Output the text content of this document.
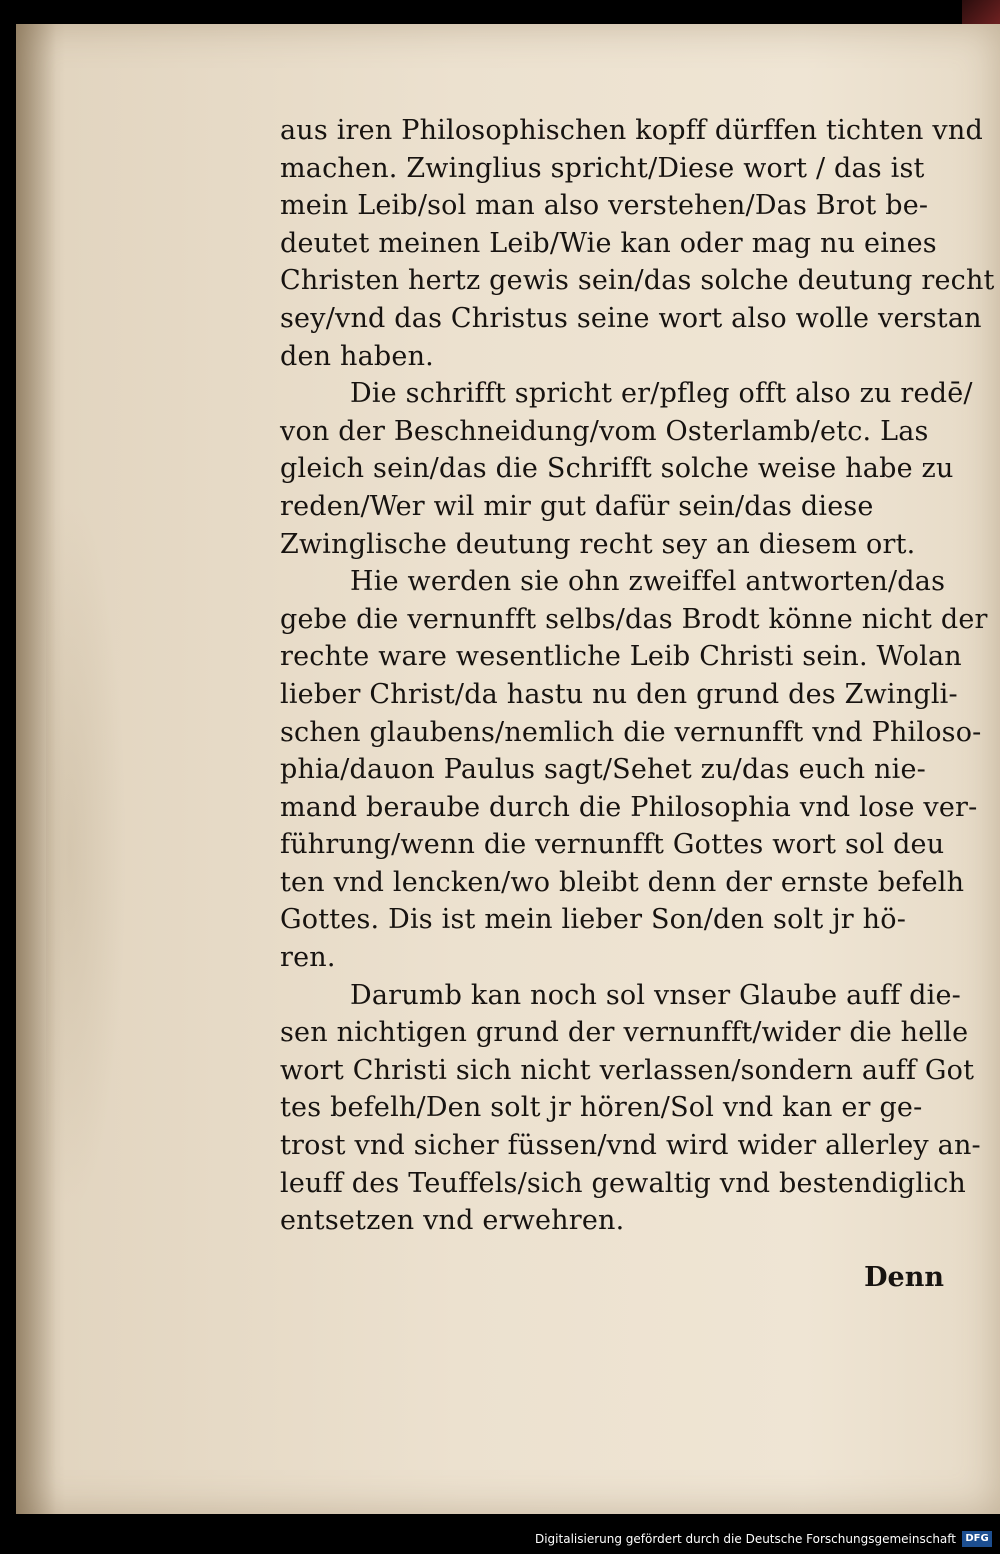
aus iren Philosophischen kopff dürffen tichten vnd
machen. Zwinglius spricht/Diese wort / das ist
mein Leib/sol man also verstehen/Das Brot be-
deutet meinen Leib/Wie kan oder mag nu eines
Christen hertz gewis sein/das solche deutung recht
sey/vnd das Christus seine wort also wolle verstan
den haben.
Die schrifft spricht er/pfleg offt also zu redē/
von der Beschneidung/vom Osterlamb/etc. Las
gleich sein/das die Schrifft solche weise habe zu
reden/Wer wil mir gut dafür sein/das diese
Zwinglische deutung recht sey an diesem ort.
Hie werden sie ohn zweiffel antworten/das
gebe die vernunfft selbs/das Brodt könne nicht der
rechte ware wesentliche Leib Christi sein. Wolan
lieber Christ/da hastu nu den grund des Zwingli-
schen glaubens/nemlich die vernunfft vnd Philoso-
phia/dauon Paulus sagt/Sehet zu/das euch nie-
mand beraube durch die Philosophia vnd lose ver-
führung/wenn die vernunfft Gottes wort sol deu
ten vnd lencken/wo bleibt denn der ernste befelh
Gottes. Dis ist mein lieber Son/den solt jr hö-
ren.
Darumb kan noch sol vnser Glaube auff die-
sen nichtigen grund der vernunfft/wider die helle
wort Christi sich nicht verlassen/sondern auff Got
tes befelh/Den solt jr hören/Sol vnd kan er ge-
trost vnd sicher füssen/vnd wird wider allerley an-
leuff des Teuffels/sich gewaltig vnd bestendiglich
entsetzen vnd erwehren.
Denn
Digitalisierung gefördert durch die Deutsche Forschungsgemeinschaft DFG
